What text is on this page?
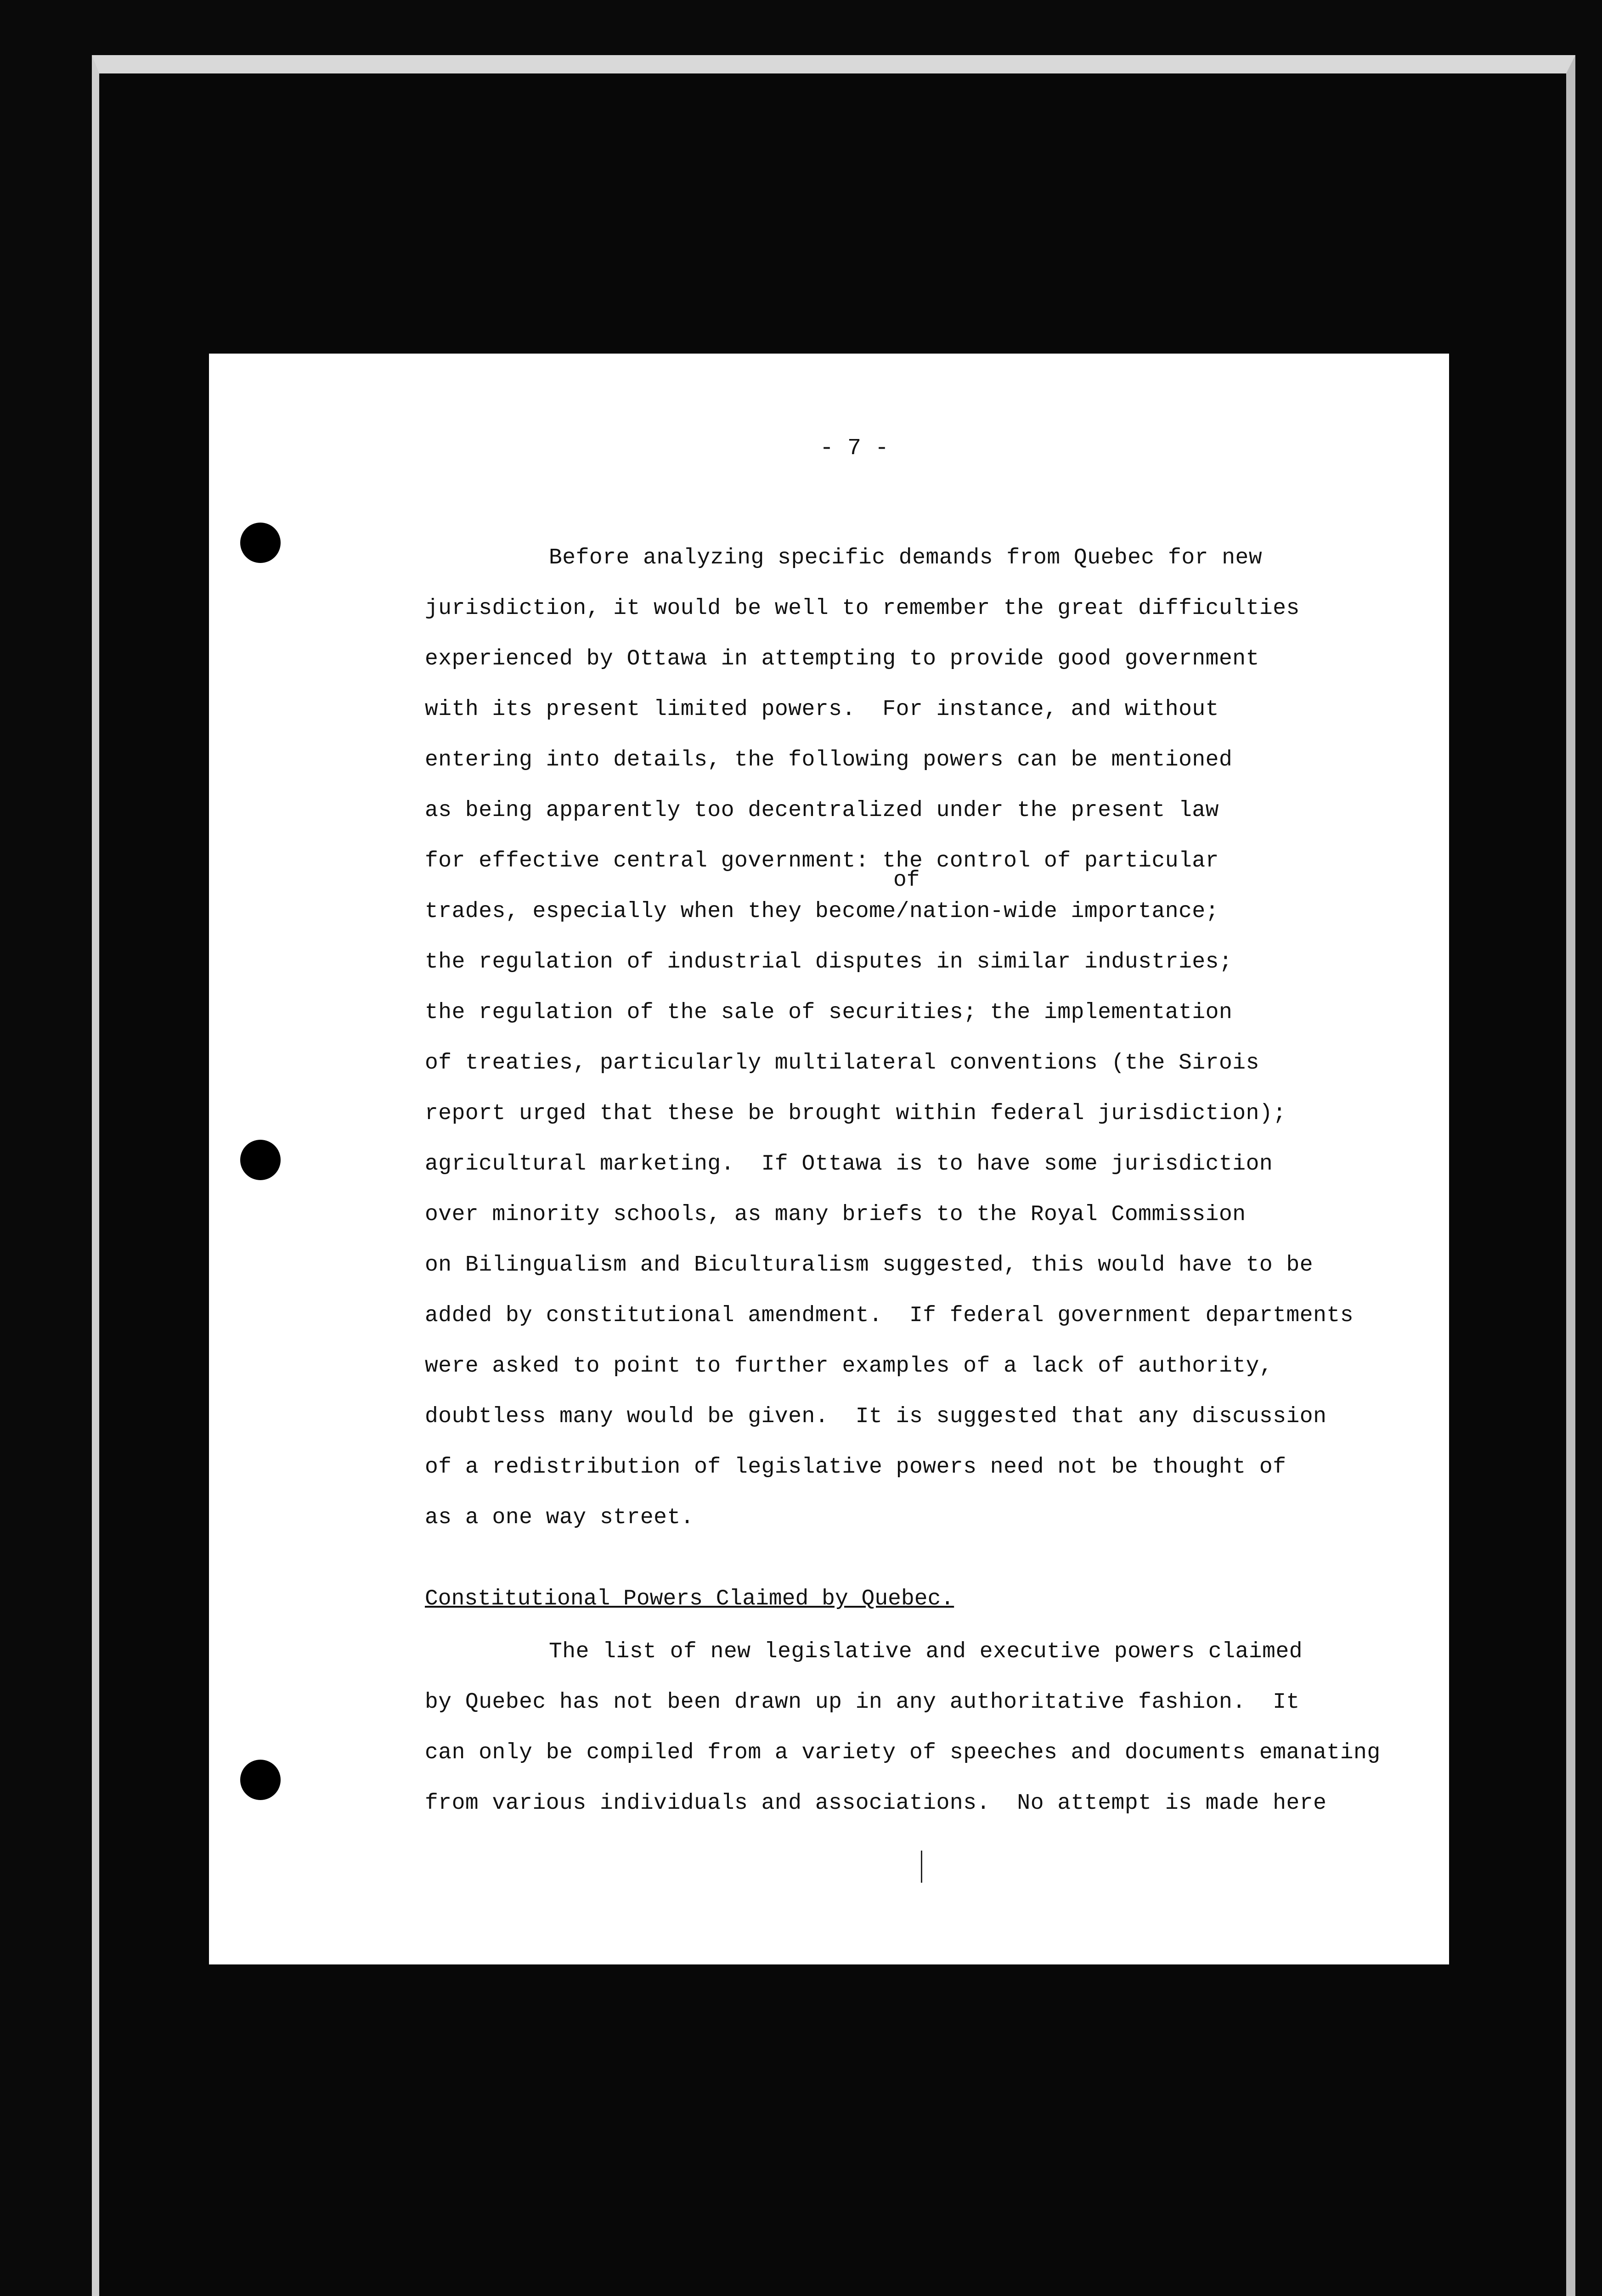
- 7 -
Before analyzing specific demands from Quebec for new
jurisdiction, it would be well to remember the great difficulties
experienced by Ottawa in attempting to provide good government
with its present limited powers.  For instance, and without
entering into details, the following powers can be mentioned
as being apparently too decentralized under the present law
for effective central government: the control of particular
of
trades, especially when they become/nation-wide importance;
the regulation of industrial disputes in similar industries;
the regulation of the sale of securities; the implementation
of treaties, particularly multilateral conventions (the Sirois
report urged that these be brought within federal jurisdiction);
agricultural marketing.  If Ottawa is to have some jurisdiction
over minority schools, as many briefs to the Royal Commission
on Bilingualism and Biculturalism suggested, this would have to be
added by constitutional amendment.  If federal government departments
were asked to point to further examples of a lack of authority,
doubtless many would be given.  It is suggested that any discussion
of a redistribution of legislative powers need not be thought of
as a one way street.
Constitutional Powers Claimed by Quebec.
The list of new legislative and executive powers claimed
by Quebec has not been drawn up in any authoritative fashion.  It
can only be compiled from a variety of speeches and documents emanating
from various individuals and associations.  No attempt is made here
